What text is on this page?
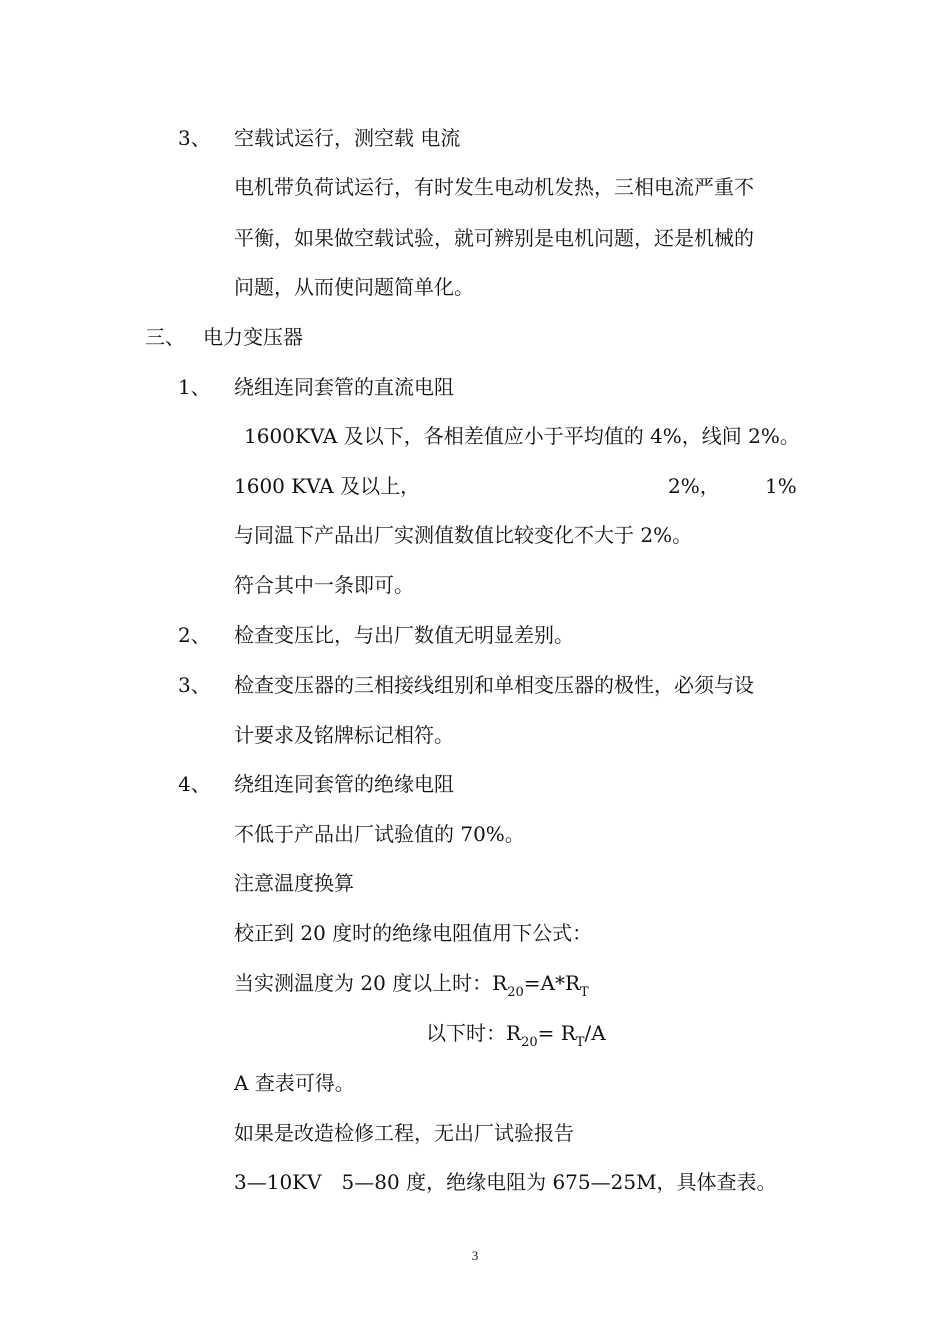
3、 空载试运行，测空载 电流
电机带负荷试运行，有时发生电动机发热，三相电流严重不
平衡，如果做空载试验，就可辨别是电机问题，还是机械的
问题，从而使问题简单化。
三、 电力变压器
1、 绕组连同套管的直流电阻
1600KVA 及以下，各相差值应小于平均值的 4%，线间 2%。
1600 KVA 及以上，	2%， 1%
与同温下产品出厂实测值数值比较变化不大于 2%。
符合其中一条即可。
2、 检查变压比，与出厂数值无明显差别。
3、 检查变压器的三相接线组别和单相变压器的极性，必须与设
计要求及铭牌标记相符。
4、 绕组连同套管的绝缘电阻
不低于产品出厂试验值的 70%。
注意温度换算
校正到 20 度时的绝缘电阻值用下公式：
当实测温度为 20 度以上时：$R_{20}=A*R_T$
以下时：$R_{20}= R_T/A$
A 查表可得。
如果是改造检修工程，无出厂试验报告
3—10KV　5—80 度，绝缘电阻为 675—25M，具体查表。
3
